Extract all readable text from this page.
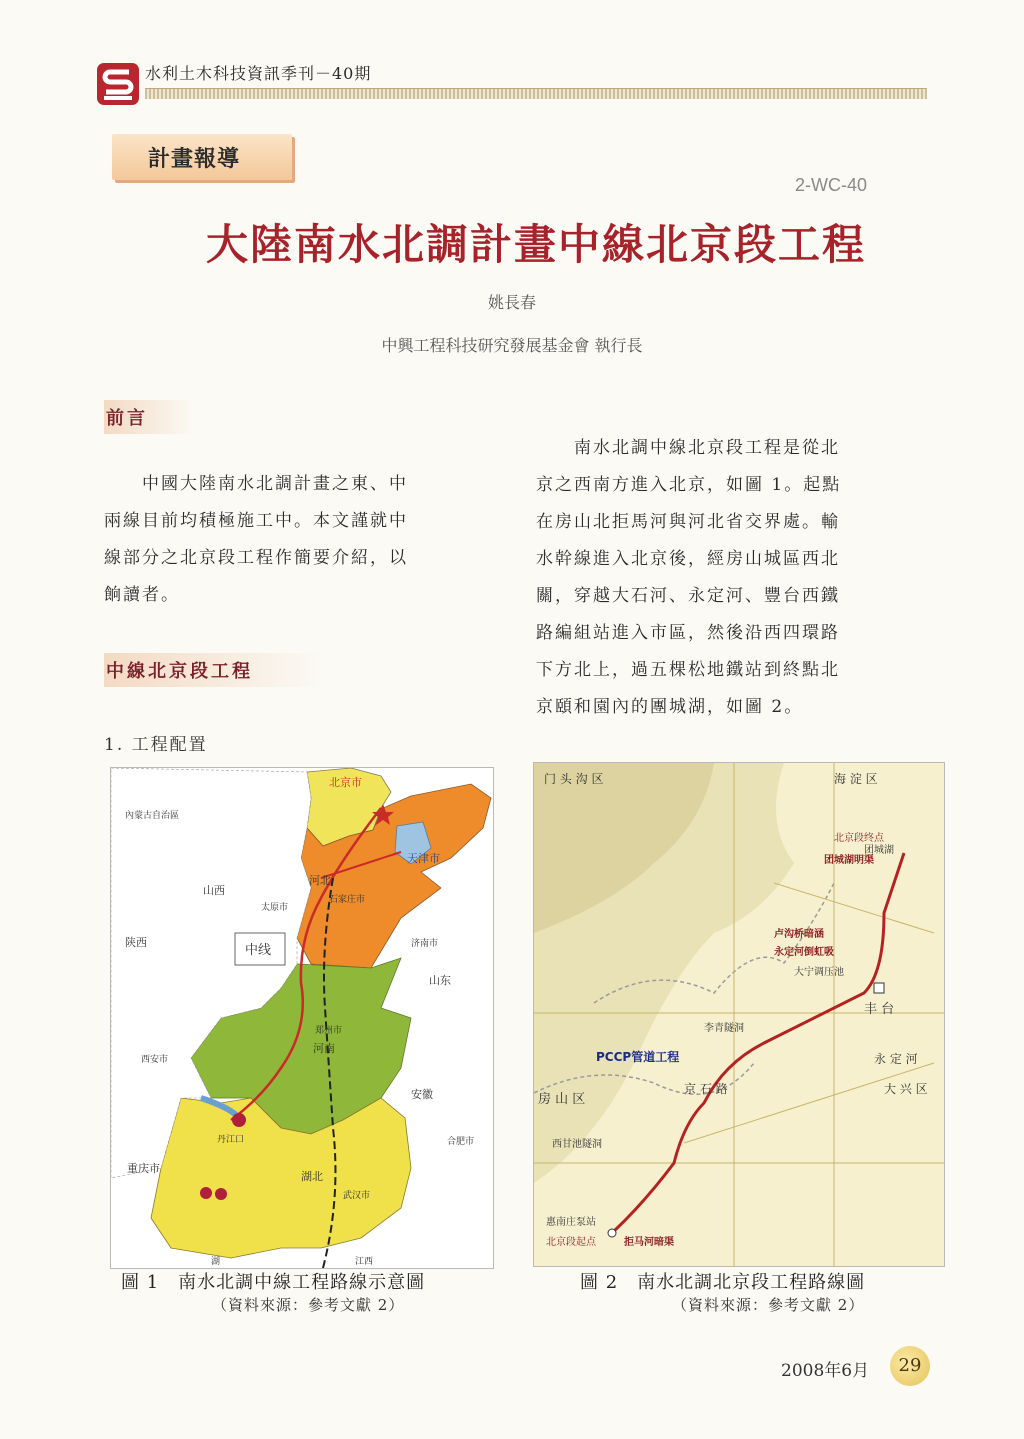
水利土木科技資訊季刊－40期
計畫報導
2-WC-40
大陸南水北調計畫中線北京段工程
姚長春
中興工程科技研究發展基金會 執行長
前言
中線北京段工程
1. 工程配置
　　中國大陸南水北調計畫之東、中
兩線目前均積極施工中。本文謹就中
線部分之北京段工程作簡要介紹，以
餉讀者。
　　南水北調中線北京段工程是從北
京之西南方進入北京，如圖 1。起點
在房山北拒馬河與河北省交界處。輸
水幹線進入北京後，經房山城區西北
關，穿越大石河、永定河、豐台西鐵
路編組站進入市區，然後沿西四環路
下方北上，過五棵松地鐵站到終點北
京頤和園內的團城湖，如圖 2。
內蒙古自治區
北京市
天津市
山西
河北
太原市
石家庄市
中线	济南市
山东
陕西
河南
郑州市
西安市
安徽
丹江口	合肥市
湖北
重庆市
武汉市
湖	江西
圖 1　南水北調中線工程路線示意圖
（資料來源：參考文獻 2）
门 头 沟 区	海 淀 区
北京段终点
团城湖
团城湖明渠
卢沟桥暗涵
永定河倒虹吸
大宁调压池
丰 台
李青隧洞
PCCP管道工程
房 山 区
京 石 路
西甘池隧洞
惠南庄泵站
北京段起点	拒马河暗渠
大 兴 区
永 定 河
圖 2　南水北調北京段工程路線圖
（資料來源：參考文獻 2）
2008年6月	29
